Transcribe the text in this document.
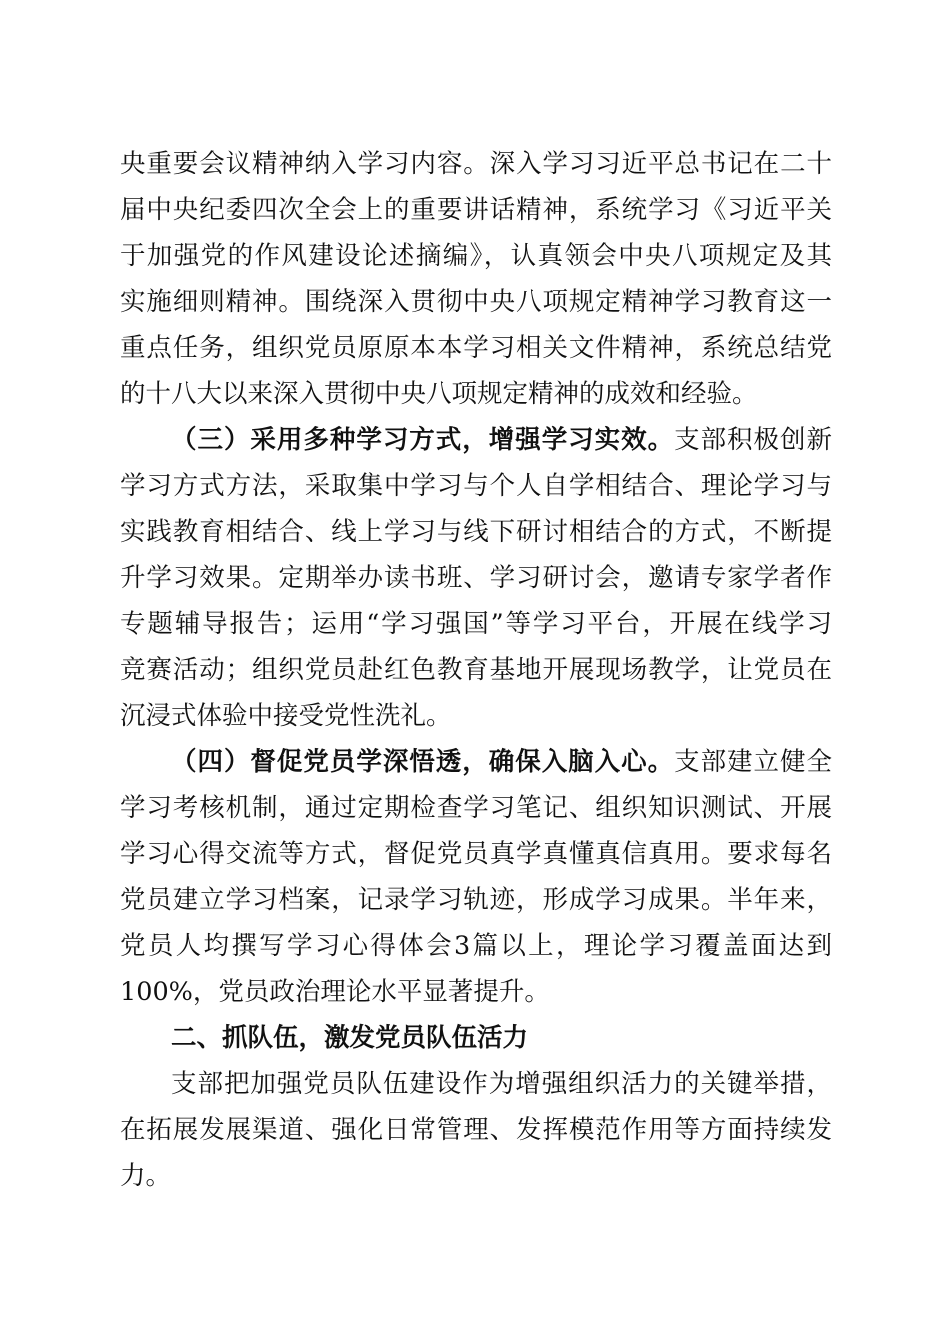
央重要会议精神纳入学习内容。深入学习习近平总书记在二十
届中央纪委四次全会上的重要讲话精神，系统学习《习近平关
于加强党的作风建设论述摘编》，认真领会中央八项规定及其
实施细则精神。围绕深入贯彻中央八项规定精神学习教育这一
重点任务，组织党员原原本本学习相关文件精神，系统总结党
的十八大以来深入贯彻中央八项规定精神的成效和经验。
（三）采用多种学习方式，增强学习实效。支部积极创新
学习方式方法，采取集中学习与个人自学相结合、理论学习与
实践教育相结合、线上学习与线下研讨相结合的方式，不断提
升学习效果。定期举办读书班、学习研讨会，邀请专家学者作
专题辅导报告；运用“学习强国”等学习平台，开展在线学习
竞赛活动；组织党员赴红色教育基地开展现场教学，让党员在
沉浸式体验中接受党性洗礼。
（四）督促党员学深悟透，确保入脑入心。支部建立健全
学习考核机制，通过定期检查学习笔记、组织知识测试、开展
学习心得交流等方式，督促党员真学真懂真信真用。要求每名
党员建立学习档案，记录学习轨迹，形成学习成果。半年来，
党员人均撰写学习心得体会3篇以上，理论学习覆盖面达到
100%，党员政治理论水平显著提升。
二、抓队伍，激发党员队伍活力
支部把加强党员队伍建设作为增强组织活力的关键举措，
在拓展发展渠道、强化日常管理、发挥模范作用等方面持续发
力。
